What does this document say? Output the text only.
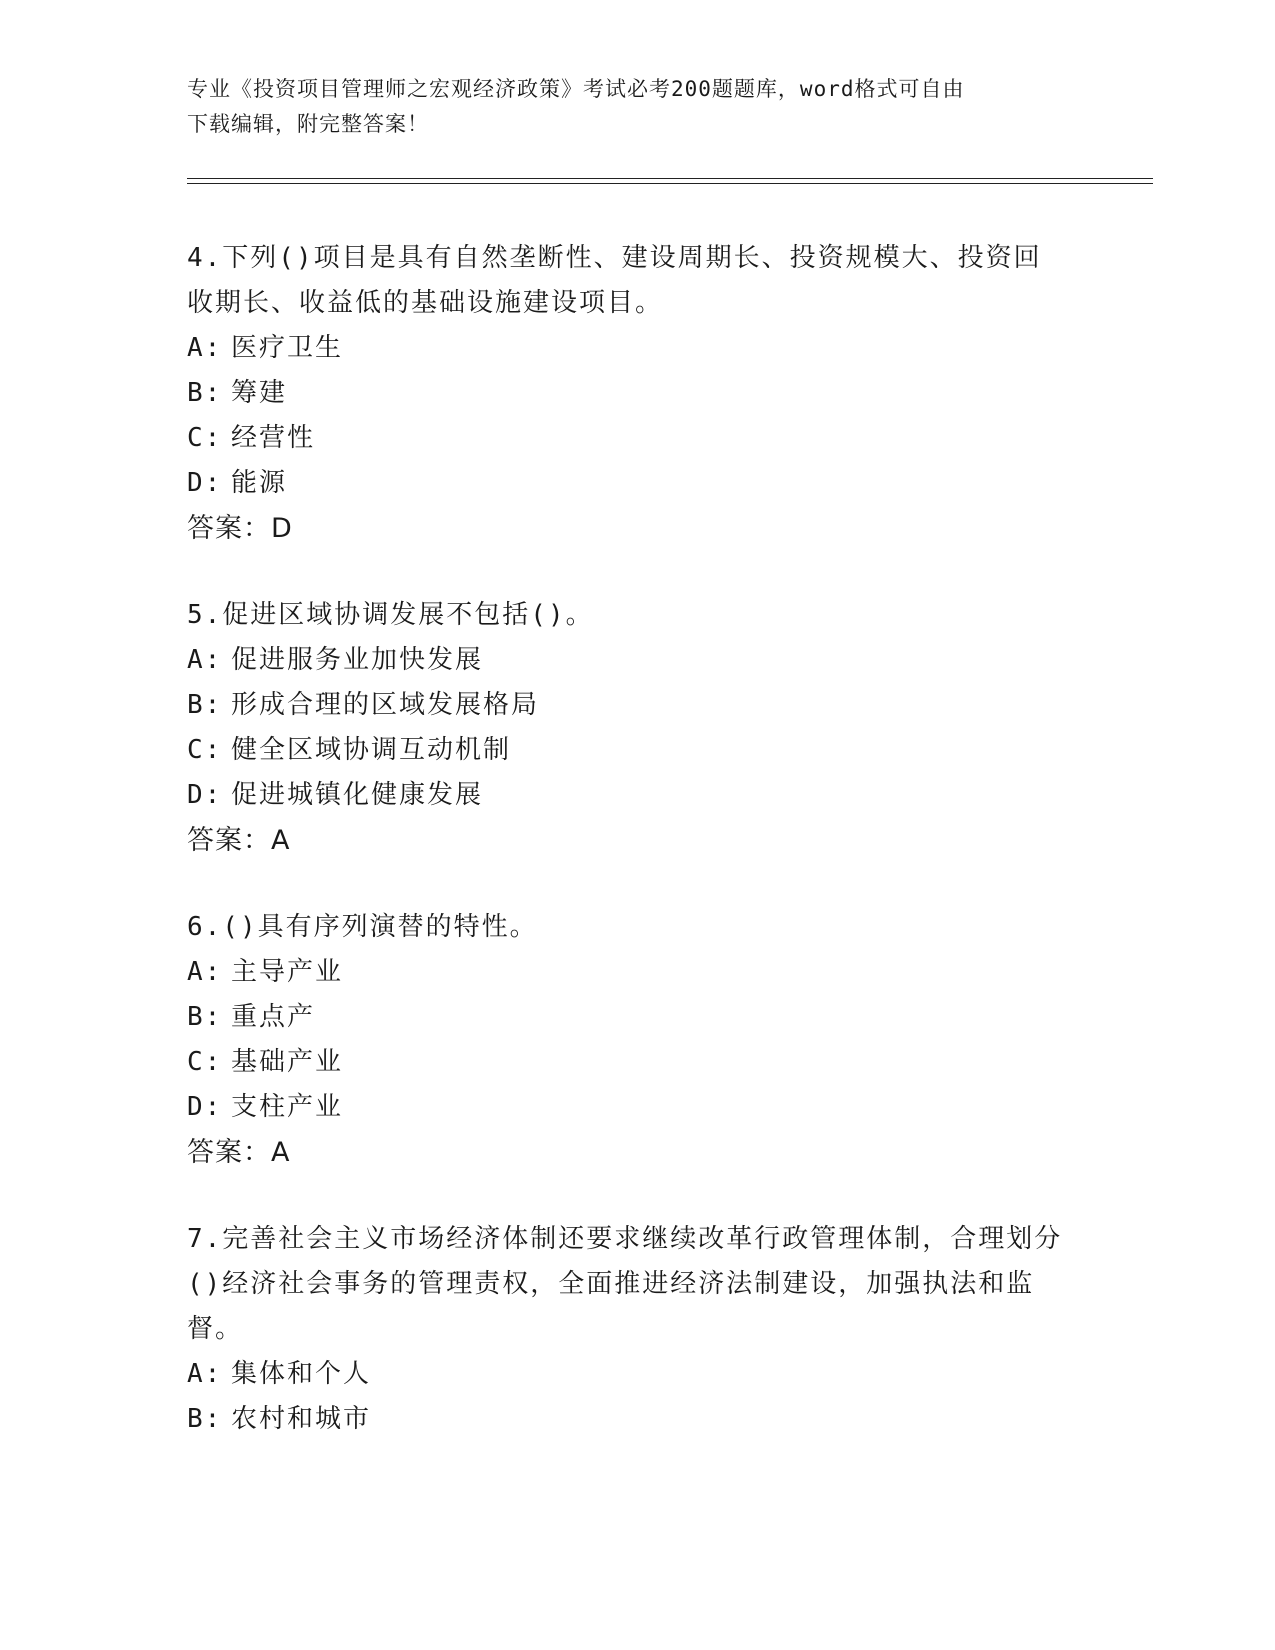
专业《投资项目管理师之宏观经济政策》考试必考200题题库，word格式可自由
下载编辑，附完整答案！

4.下列()项目是具有自然垄断性、建设周期长、投资规模大、投资回收期长、收益低的基础设施建设项目。

A: 医疗卫生

B: 筹建

C: 经营性

D: 能源

答案：D

5.促进区域协调发展不包括()。

A: 促进服务业加快发展

B: 形成合理的区域发展格局

C: 健全区域协调互动机制

D: 促进城镇化健康发展

答案：A

6.()具有序列演替的特性。

A: 主导产业

B: 重点产

C: 基础产业

D: 支柱产业

答案：A

7.完善社会主义市场经济体制还要求继续改革行政管理体制，合理划分()经济社会事务的管理责权，全面推进经济法制建设，加强执法和监督。

A: 集体和个人

B: 农村和城市
